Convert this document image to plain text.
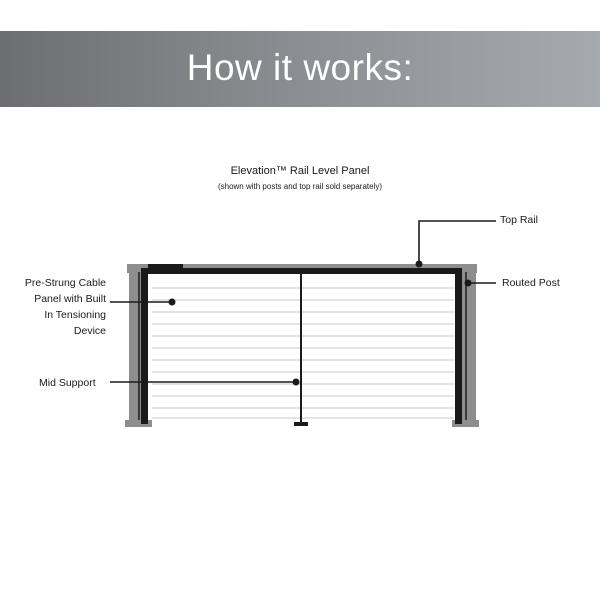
How it works:
Elevation™ Rail Level Panel
(shown with posts and top rail sold separately)
Top Rail
Routed Post
Mid Support
Pre-Strung Cable
Panel with Built
In Tensioning
Device
